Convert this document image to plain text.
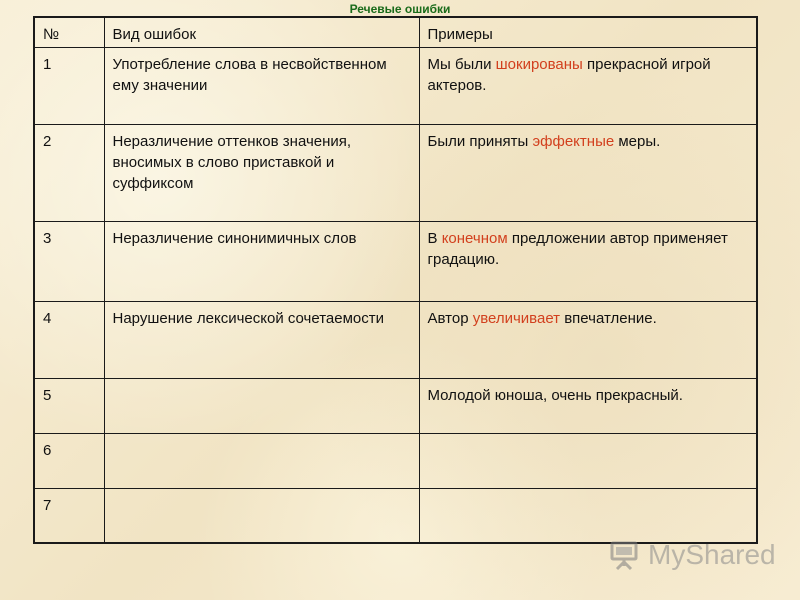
Речевые ошибки
№	Вид ошибок	Примеры
1	Употребление слова в несвойственном ему значении	Мы были шокированы прекрасной игрой актеров.
2	Неразличение оттенков значения, вносимых в слово приставкой и суффиксом	Были приняты эффектные меры.
3	Неразличение синонимичных слов	В конечном предложении автор применяет градацию.
4	Нарушение лексической сочетаемости	Автор увеличивает впечатление.
5		Молодой юноша, очень прекрасный.
6		
7		
MyShared
